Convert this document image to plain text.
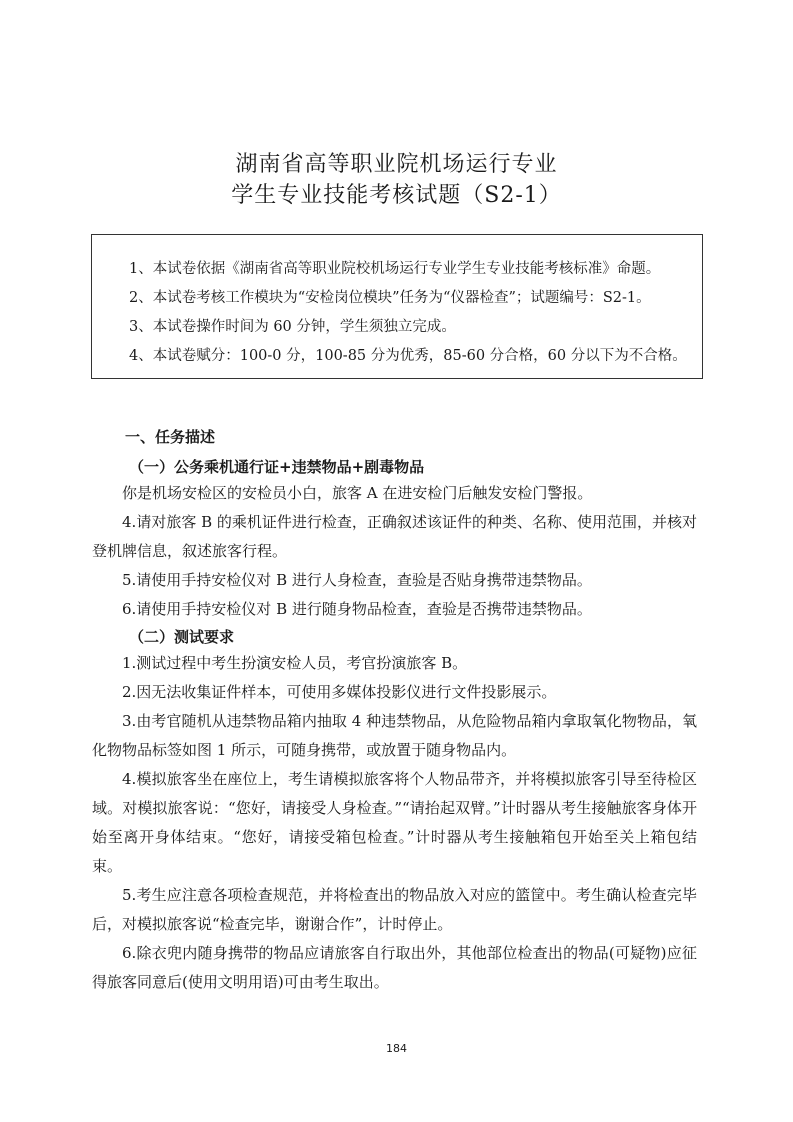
湖南省高等职业院机场运行专业
学生专业技能考核试题（S2-1）
1、本试卷依据《湖南省高等职业院校机场运行专业学生专业技能考核标准》命题。
2、本试卷考核工作模块为“安检岗位模块”任务为“仪器检查”；试题编号：S2-1。
3、本试卷操作时间为 60 分钟，学生须独立完成。
4、本试卷赋分：100-0 分，100-85 分为优秀，85-60 分合格，60 分以下为不合格。
一、任务描述
（一）公务乘机通行证+违禁物品+剧毒物品
你是机场安检区的安检员小白，旅客 A 在进安检门后触发安检门警报。
4.请对旅客 B 的乘机证件进行检查，正确叙述该证件的种类、名称、使用范围，并核对登机牌信息，叙述旅客行程。
5.请使用手持安检仪对 B 进行人身检查，查验是否贴身携带违禁物品。
6.请使用手持安检仪对 B 进行随身物品检查，查验是否携带违禁物品。
（二）测试要求
1.测试过程中考生扮演安检人员，考官扮演旅客 B。
2.因无法收集证件样本，可使用多媒体投影仪进行文件投影展示。
3.由考官随机从违禁物品箱内抽取 4 种违禁物品，从危险物品箱内拿取氧化物物品，氧化物物品标签如图 1 所示，可随身携带，或放置于随身物品内。
4.模拟旅客坐在座位上，考生请模拟旅客将个人物品带齐，并将模拟旅客引导至待检区域。对模拟旅客说：“您好，请接受人身检查。”“请抬起双臂。”计时器从考生接触旅客身体开始至离开身体结束。“您好，请接受箱包检查。”计时器从考生接触箱包开始至关上箱包结束。
5.考生应注意各项检查规范，并将检查出的物品放入对应的篮筐中。考生确认检查完毕后，对模拟旅客说“检查完毕，谢谢合作”，计时停止。
6.除衣兜内随身携带的物品应请旅客自行取出外，其他部位检查出的物品(可疑物)应征得旅客同意后(使用文明用语)可由考生取出。
184
